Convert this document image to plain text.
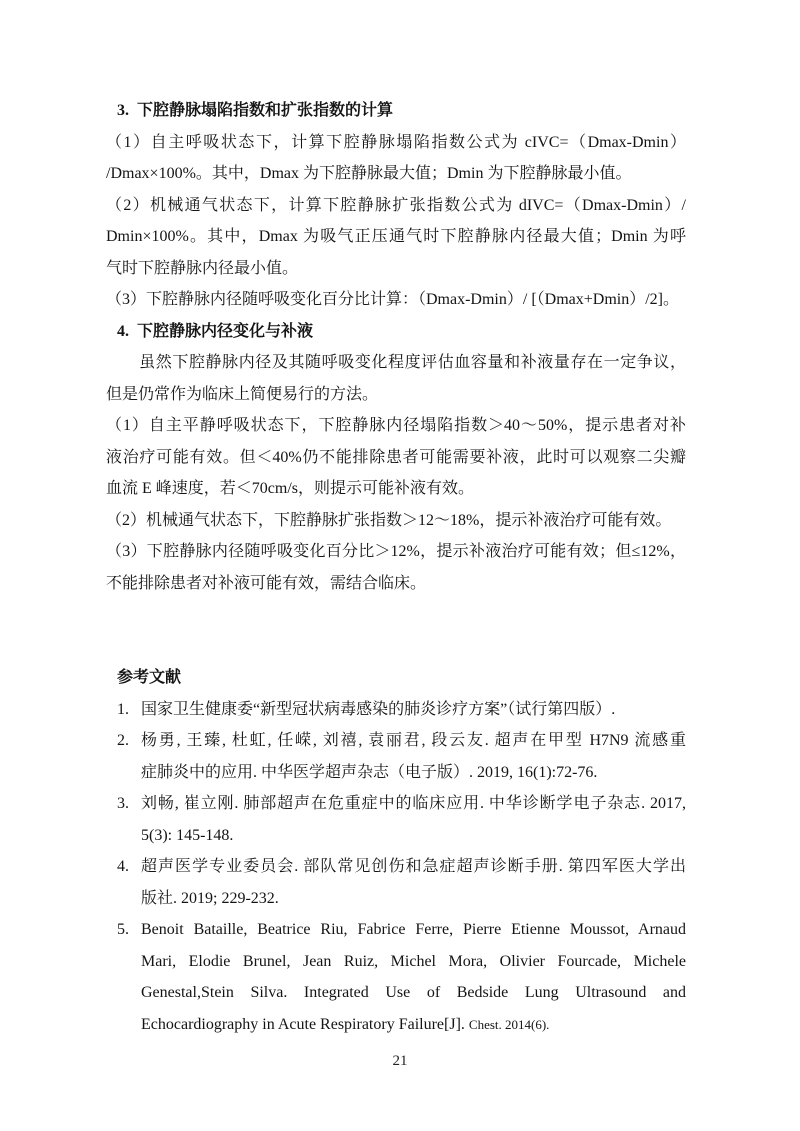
3.  下腔静脉塌陷指数和扩张指数的计算
（1）自主呼吸状态下，计算下腔静脉塌陷指数公式为 cIVC=（Dmax-Dmin）
/Dmax×100%。其中，Dmax 为下腔静脉最大值；Dmin 为下腔静脉最小值。
（2）机械通气状态下，计算下腔静脉扩张指数公式为 dIVC=（Dmax-Dmin）/
Dmin×100%。其中，Dmax 为吸气正压通气时下腔静脉内径最大值；Dmin 为呼
气时下腔静脉内径最小值。
（3）下腔静脉内径随呼吸变化百分比计算：（Dmax-Dmin）/ [（Dmax+Dmin）/2]。
4.  下腔静脉内径变化与补液
　　虽然下腔静脉内径及其随呼吸变化程度评估血容量和补液量存在一定争议，
但是仍常作为临床上简便易行的方法。
（1）自主平静呼吸状态下，下腔静脉内径塌陷指数＞40～50%，提示患者对补
液治疗可能有效。但＜40%仍不能排除患者可能需要补液，此时可以观察二尖瓣
血流 E 峰速度，若＜70cm/s，则提示可能补液有效。
（2）机械通气状态下，下腔静脉扩张指数＞12～18%，提示补液治疗可能有效。
（3）下腔静脉内径随呼吸变化百分比＞12%，提示补液治疗可能有效；但≤12%，
不能排除患者对补液可能有效，需结合临床。
参考文献
1. 国家卫生健康委“新型冠状病毒感染的肺炎诊疗方案”（试行第四版）.
2. 杨勇, 王臻, 杜虹, 任嵘, 刘禧, 袁丽君, 段云友. 超声在甲型 H7N9 流感重
症肺炎中的应用. 中华医学超声杂志（电子版）. 2019, 16(1):72-76.
3. 刘畅, 崔立刚. 肺部超声在危重症中的临床应用. 中华诊断学电子杂志. 2017,
5(3): 145-148.
4. 超声医学专业委员会. 部队常见创伤和急症超声诊断手册. 第四军医大学出
版社. 2019; 229-232.
5. Benoit Bataille, Beatrice Riu, Fabrice Ferre, Pierre Etienne Moussot, Arnaud
Mari, Elodie Brunel, Jean Ruiz, Michel Mora, Olivier Fourcade, Michele
Genestal,Stein Silva. Integrated Use of Bedside Lung Ultrasound and
Echocardiography in Acute Respiratory Failure[J]. Chest. 2014(6).
21
